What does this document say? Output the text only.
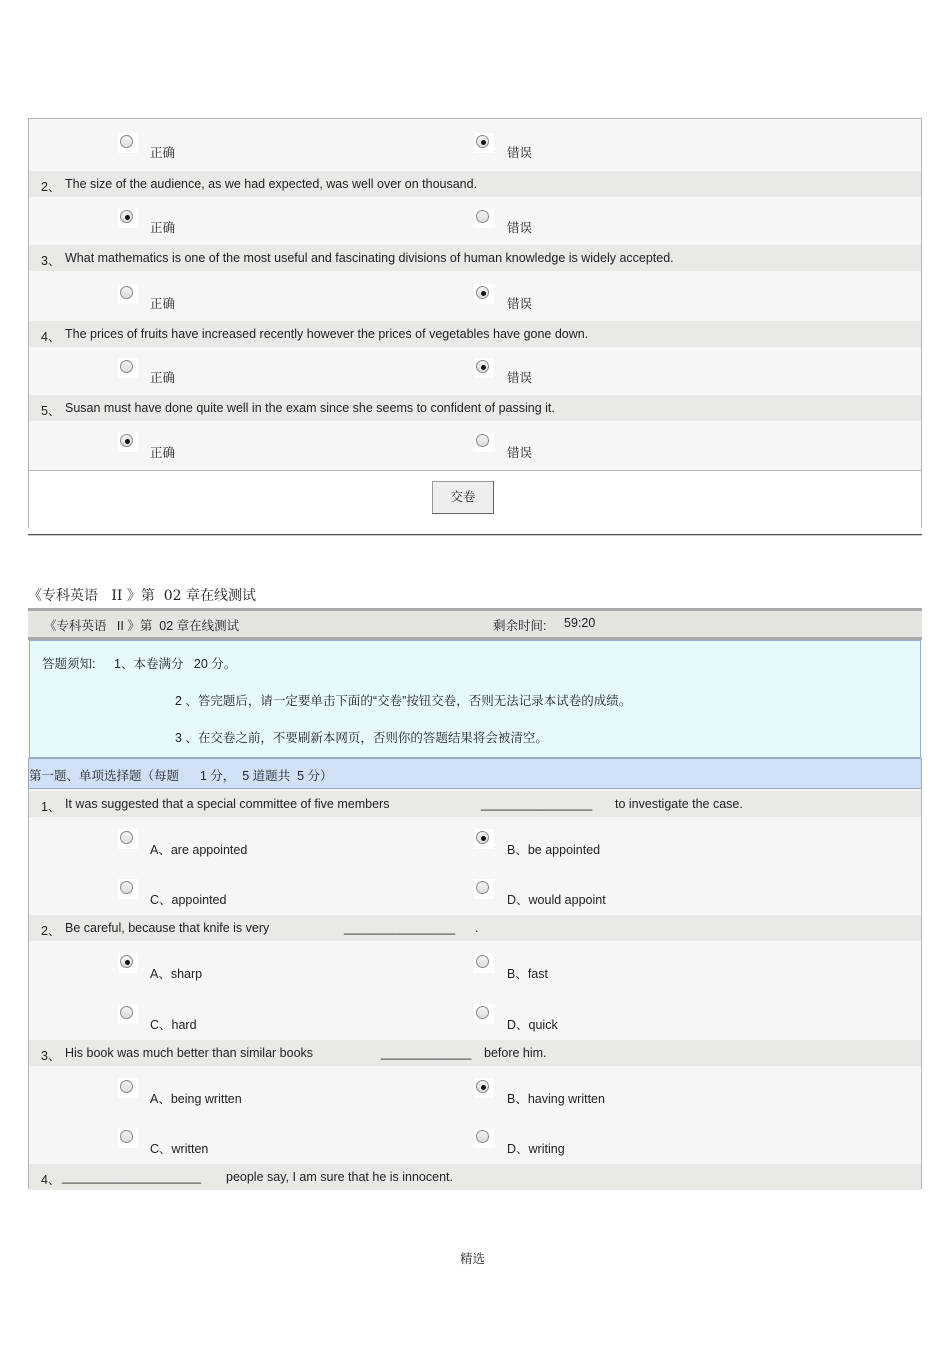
正确	错误
2、 The size of the audience, as we had expected, was well over on thousand.
正确	错误
3、 What mathematics is one of the most useful and fascinating divisions of human knowledge is widely accepted.
正确	错误
4、 The prices of fruits have increased recently however the prices of vegetables have gone down.
正确	错误
5、 Susan must have done quite well in the exam since she seems to confident of passing it.
正确	错误
交卷
《专科英语   II 》第  02 章在线测试
《专科英语   II 》第  02 章在线测试	剩余时间: 59:20
答题须知: 1、本卷满分   20 分。
2 、答完题后，请一定要单击下面的“交卷”按钮交卷，否则无法记录本试卷的成绩。
3 、在交卷之前，不要刷新本网页，否则你的答题结果将会被清空。
第一题、单项选择题（每题      1 分，  5 道题共  5 分）
1、 It was suggested that a special committee of five members	________________ to investigate the case.
A、are appointed	B、be appointed
C、appointed	D、would appoint
2、 Be careful, because that knife is very	________________ .
A、sharp	B、fast
C、hard	D、quick
3、 His book was much better than similar books	_____________ before him.
A、being written	B、having written
C、written	D、writing
4、 ____________________ people say, I am sure that he is innocent.
精选
